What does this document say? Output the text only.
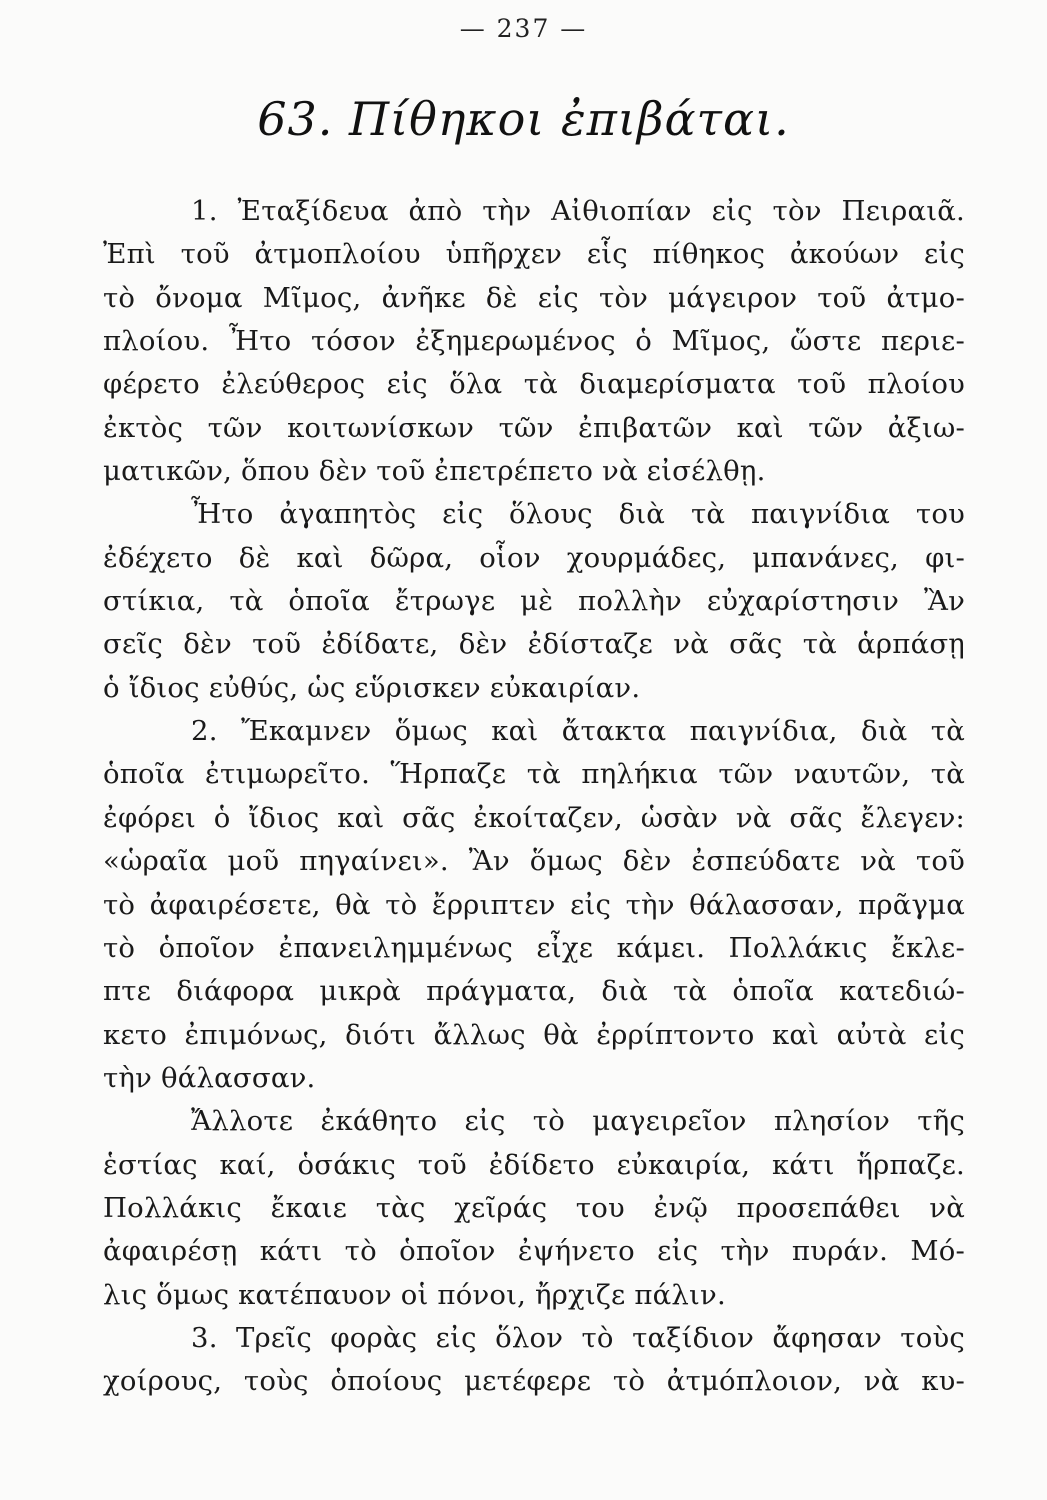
— 237 —
63. Πίθηκοι ἐπιβάται.
1. Ἐταξίδευα ἀπὸ τὴν Αἰθιοπίαν εἰς τὸν Πειραιᾶ.
Ἐπὶ τοῦ ἀτμοπλοίου ὑπῆρχεν εἷς πίθηκος ἀκούων εἰς
τὸ ὄνομα Μῖμος, ἀνῆκε δὲ εἰς τὸν μάγειρον τοῦ ἀτμο-
πλοίου. Ἦτο τόσον ἐξημερωμένος ὁ Μῖμος, ὥστε περιε-
φέρετο ἐλεύθερος εἰς ὅλα τὰ διαμερίσματα τοῦ πλοίου
ἐκτὸς τῶν κοιτωνίσκων τῶν ἐπιβατῶν καὶ τῶν ἀξιω-
ματικῶν, ὅπου δὲν τοῦ ἐπετρέπετο νὰ εἰσέλθῃ.
Ἦτο ἀγαπητὸς εἰς ὅλους διὰ τὰ παιγνίδια του
ἐδέχετο δὲ καὶ δῶρα, οἷον χουρμάδες, μπανάνες, φι-
στίκια, τὰ ὁποῖα ἔτρωγε μὲ πολλὴν εὐχαρίστησιν Ἂν
σεῖς δὲν τοῦ ἐδίδατε, δὲν ἐδίσταζε νὰ σᾶς τὰ ἁρπάσῃ
ὁ ἴδιος εὐθύς, ὡς εὕρισκεν εὐκαιρίαν.
2. Ἔκαμνεν ὅμως καὶ ἄτακτα παιγνίδια, διὰ τὰ
ὁποῖα ἐτιμωρεῖτο. Ἥρπαζε τὰ πηλήκια τῶν ναυτῶν, τὰ
ἐφόρει ὁ ἴδιος καὶ σᾶς ἐκοίταζεν, ὡσὰν νὰ σᾶς ἔλεγεν:
«ὡραῖα μοῦ πηγαίνει». Ἂν ὅμως δὲν ἐσπεύδατε νὰ τοῦ
τὸ ἀφαιρέσετε, θὰ τὸ ἔρριπτεν εἰς τὴν θάλασσαν, πρᾶγμα
τὸ ὁποῖον ἐπανειλημμένως εἶχε κάμει. Πολλάκις ἔκλε-
πτε διάφορα μικρὰ πράγματα, διὰ τὰ ὁποῖα κατεδιώ-
κετο ἐπιμόνως, διότι ἄλλως θὰ ἐρρίπτοντο καὶ αὐτὰ εἰς
τὴν θάλασσαν.
Ἄλλοτε ἐκάθητο εἰς τὸ μαγειρεῖον πλησίον τῆς
ἑστίας καί, ὁσάκις τοῦ ἐδίδετο εὐκαιρία, κάτι ἥρπαζε.
Πολλάκις ἔκαιε τὰς χεῖράς του ἐνῷ προσεπάθει νὰ
ἀφαιρέσῃ κάτι τὸ ὁποῖον ἐψήνετο εἰς τὴν πυράν. Μό-
λις ὅμως κατέπαυον οἱ πόνοι, ἤρχιζε πάλιν.
3. Τρεῖς φορὰς εἰς ὅλον τὸ ταξίδιον ἄφησαν τοὺς
χοίρους, τοὺς ὁποίους μετέφερε τὸ ἀτμόπλοιον, νὰ κυ-
